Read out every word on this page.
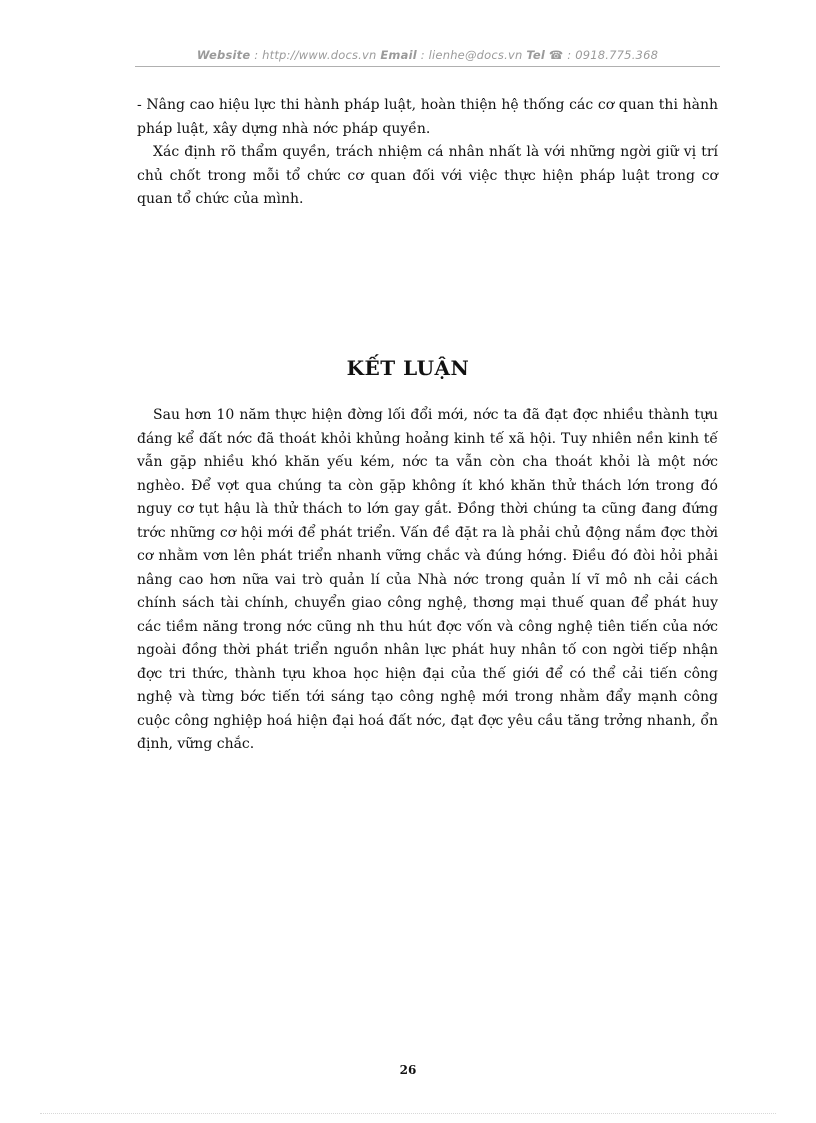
Website : http://www.docs.vn Email : lienhe@docs.vn Tel ☎ : 0918.775.368

- Nâng cao hiệu lực thi hành pháp luật, hoàn thiện hệ thống các cơ quan thi hành pháp luật, xây dựng nhà nớc pháp quyền.

Xác định rõ thẩm quyền, trách nhiệm cá nhân nhất là với những ngời giữ vị trí chủ chốt trong mỗi tổ chức cơ quan đối với việc thực hiện pháp luật trong cơ quan tổ chức của mình.

KẾT LUẬN

Sau hơn 10 năm thực hiện đờng lối đổi mới, nớc ta đã đạt đợc nhiều thành tựu đáng kể đất nớc đã thoát khỏi khủng hoảng kinh tế xã hội. Tuy nhiên nền kinh tế vẫn gặp nhiều khó khăn yếu kém, nớc ta vẫn còn cha thoát khỏi là một nớc nghèo. Để vợt qua chúng ta còn gặp không ít khó khăn thử thách lớn trong đó nguy cơ tụt hậu là thử thách to lớn gay gắt. Đồng thời chúng ta cũng đang đứng trớc những cơ hội mới để phát triển. Vấn đề đặt ra là phải chủ động nắm đợc thời cơ nhằm vơn lên phát triển nhanh vững chắc và đúng hớng. Điều đó đòi hỏi phải nâng cao hơn nữa vai trò quản lí của Nhà nớc trong quản lí vĩ mô nh cải cách chính sách tài chính, chuyển giao công nghệ, thơng mại thuế quan để phát huy các tiềm năng trong nớc cũng nh thu hút đợc vốn và công nghệ tiên tiến của nớc ngoài đồng thời phát triển nguồn nhân lực phát huy nhân tố con ngời tiếp nhận đợc tri thức, thành tựu khoa học hiện đại của thế giới để có thể cải tiến công nghệ và từng bớc tiến tới sáng tạo công nghệ mới trong nhằm đẩy mạnh công cuộc công nghiệp hoá hiện đại hoá đất nớc, đạt đợc yêu cầu tăng trởng nhanh, ổn định, vững chắc.

26
